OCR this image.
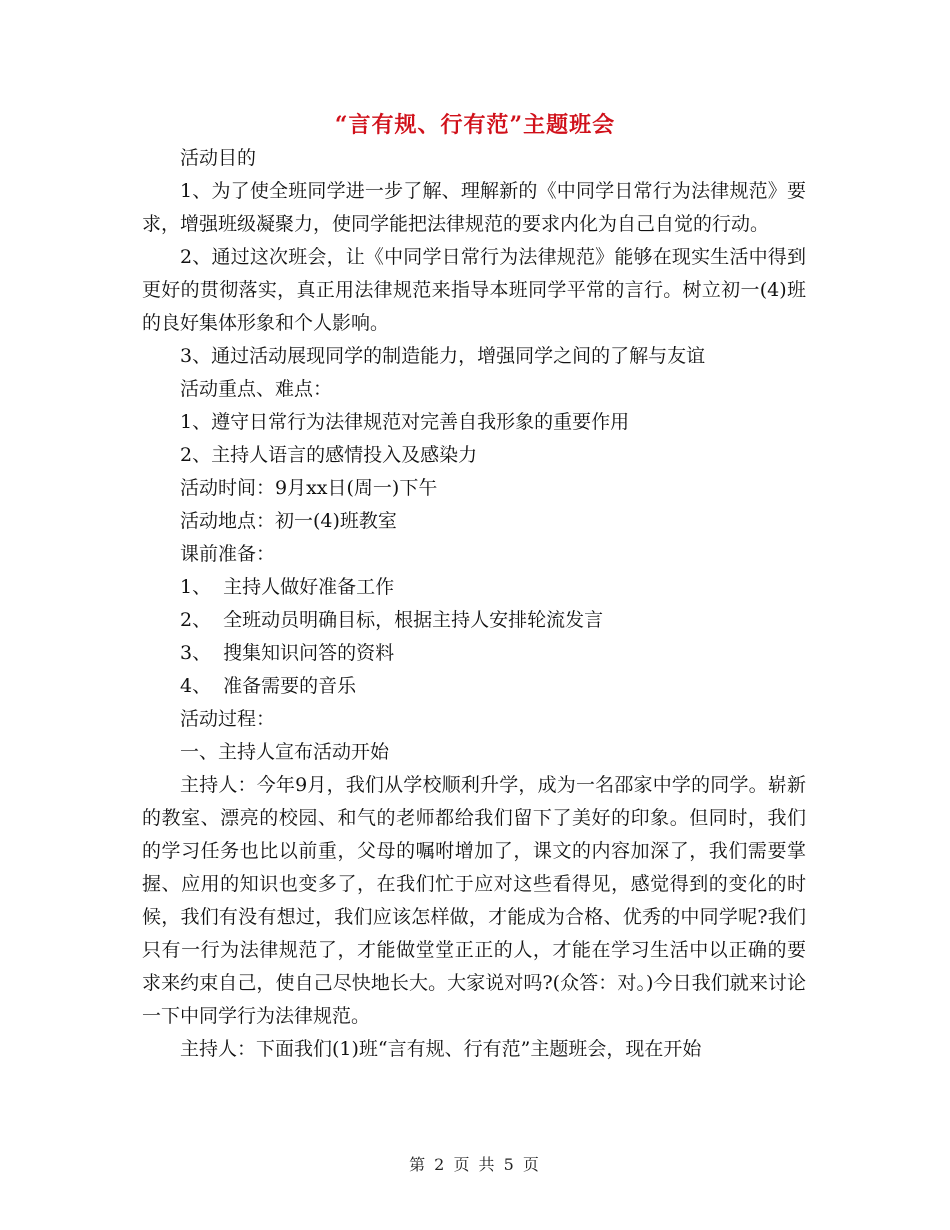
“言有规、行有范”主题班会

活动目的

1、为了使全班同学进一步了解、理解新的《中同学日常行为法律规范》要求，增强班级凝聚力，使同学能把法律规范的要求内化为自己自觉的行动。

2、通过这次班会，让《中同学日常行为法律规范》能够在现实生活中得到更好的贯彻落实，真正用法律规范来指导本班同学平常的言行。树立初一(4)班的良好集体形象和个人影响。

3、通过活动展现同学的制造能力，增强同学之间的了解与友谊

活动重点、难点：

1、遵守日常行为法律规范对完善自我形象的重要作用

2、主持人语言的感情投入及感染力

活动时间：9月xx日(周一)下午

活动地点：初一(4)班教室

课前准备：

1、  主持人做好准备工作

2、  全班动员明确目标，根据主持人安排轮流发言

3、  搜集知识问答的资料

4、  准备需要的音乐

活动过程：

一、主持人宣布活动开始

主持人：今年9月，我们从学校顺利升学，成为一名邵家中学的同学。崭新的教室、漂亮的校园、和气的老师都给我们留下了美好的印象。但同时，我们的学习任务也比以前重，父母的嘱咐增加了，课文的内容加深了，我们需要掌握、应用的知识也变多了，在我们忙于应对这些看得见，感觉得到的变化的时候，我们有没有想过，我们应该怎样做，才能成为合格、优秀的中同学呢?我们只有一行为法律规范了，才能做堂堂正正的人，才能在学习生活中以正确的要求来约束自己，使自己尽快地长大。大家说对吗?(众答：对。)今日我们就来讨论一下中同学行为法律规范。

主持人：下面我们(1)班“言有规、行有范”主题班会，现在开始

第 2 页 共 5 页
